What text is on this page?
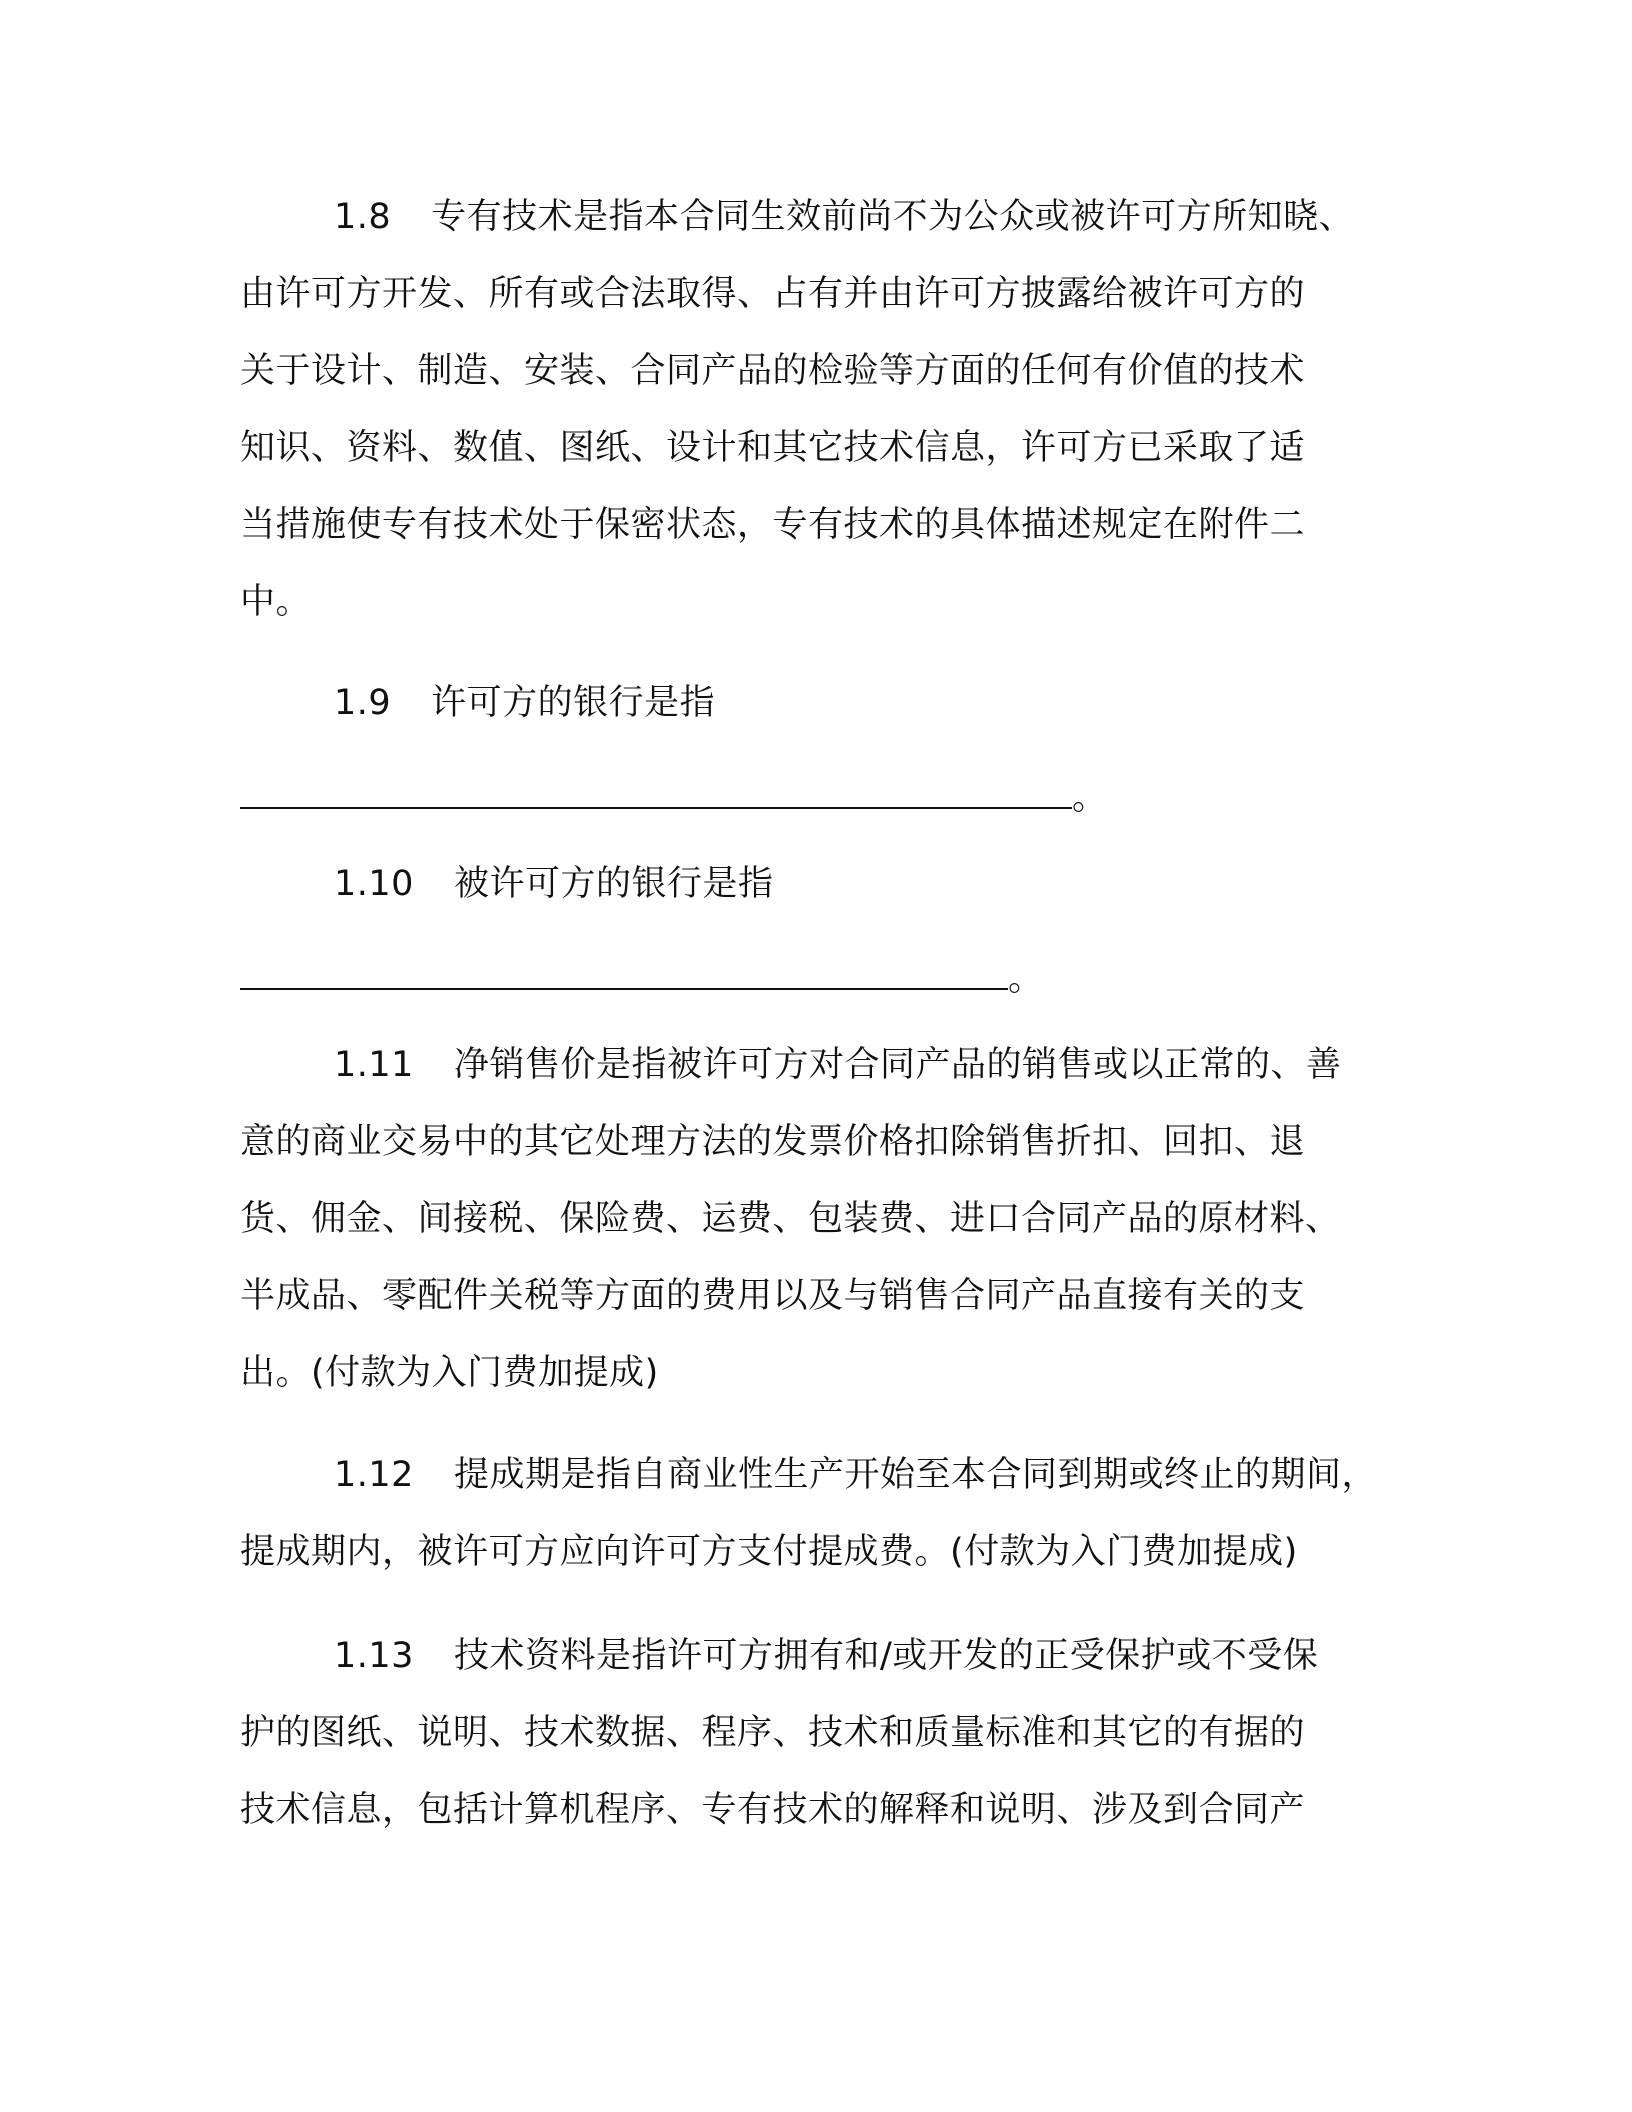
1.8 专有技术是指本合同生效前尚不为公众或被许可方所知晓、
由许可方开发、所有或合法取得、占有并由许可方披露给被许可方的
关于设计、制造、安装、合同产品的检验等方面的任何有价值的技术
知识、资料、数值、图纸、设计和其它技术信息，许可方已采取了适
当措施使专有技术处于保密状态，专有技术的具体描述规定在附件二
中。
1.9 许可方的银行是指
。
1.10 被许可方的银行是指
。
1.11 净销售价是指被许可方对合同产品的销售或以正常的、善
意的商业交易中的其它处理方法的发票价格扣除销售折扣、回扣、退
货、佣金、间接税、保险费、运费、包装费、进口合同产品的原材料、
半成品、零配件关税等方面的费用以及与销售合同产品直接有关的支
出。(付款为入门费加提成)
1.12 提成期是指自商业性生产开始至本合同到期或终止的期间，
提成期内，被许可方应向许可方支付提成费。(付款为入门费加提成)
1.13 技术资料是指许可方拥有和/或开发的正受保护或不受保
护的图纸、说明、技术数据、程序、技术和质量标准和其它的有据的
技术信息，包括计算机程序、专有技术的解释和说明、涉及到合同产
